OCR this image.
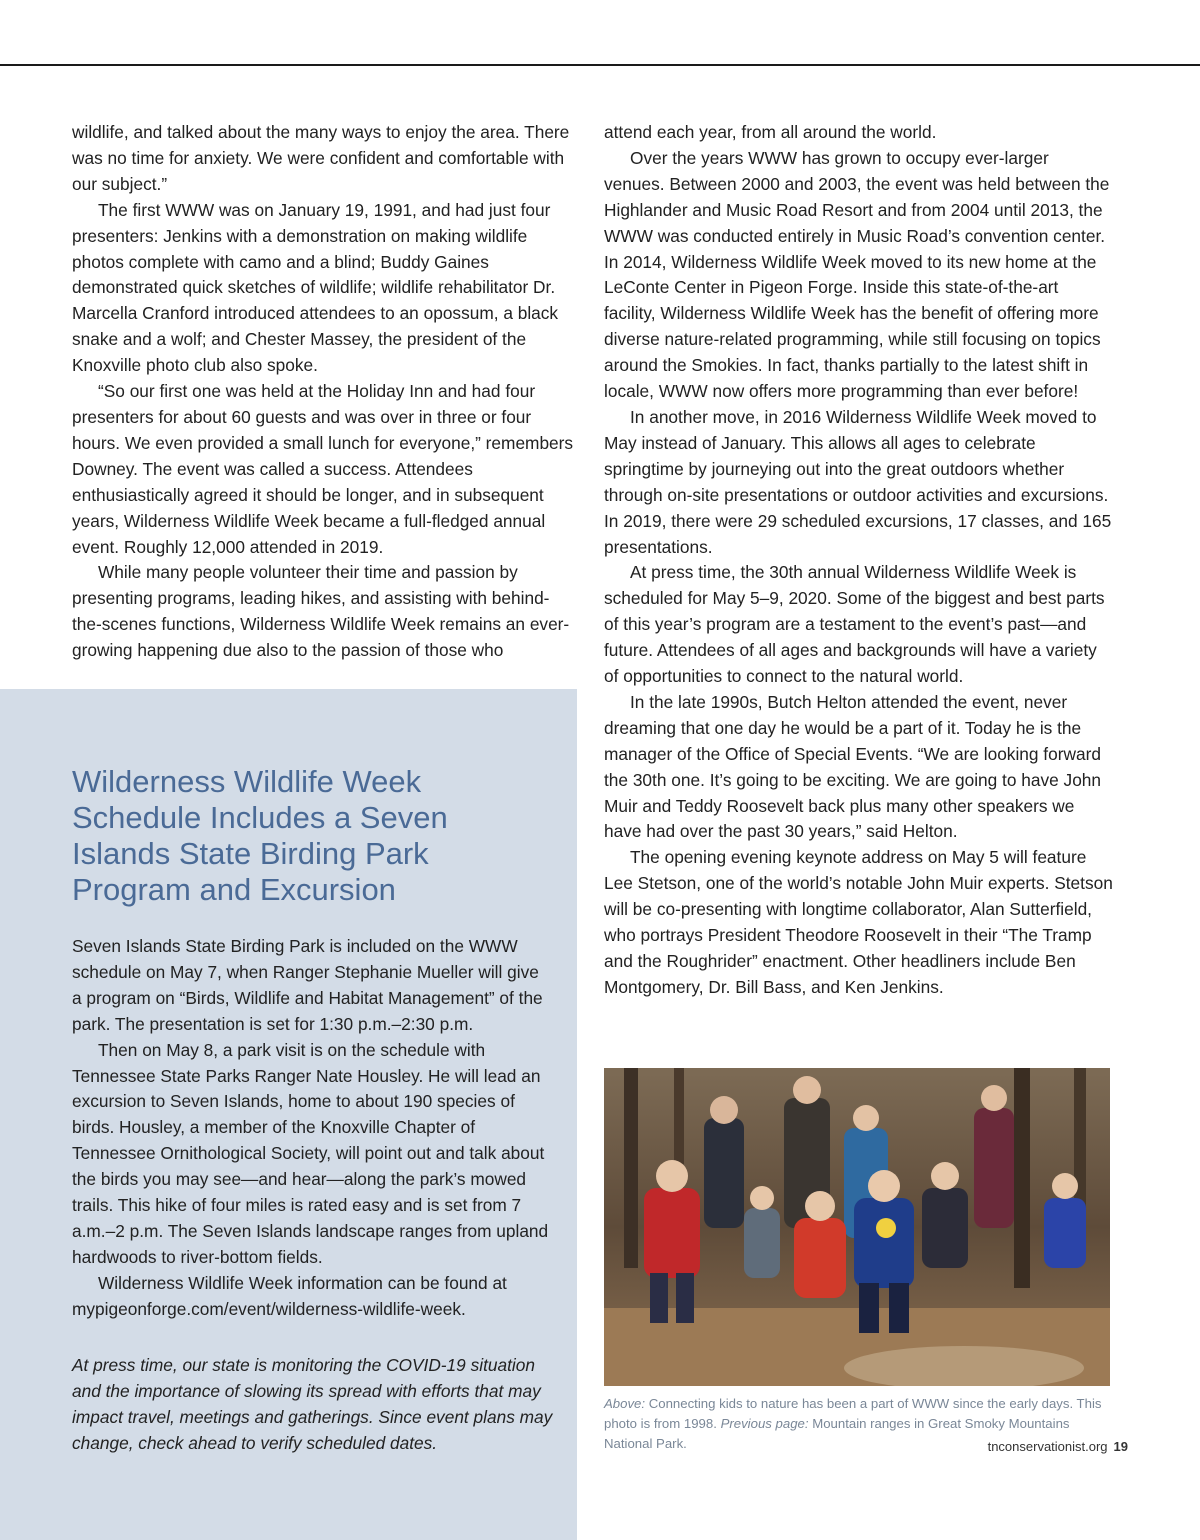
wildlife, and talked about the many ways to enjoy the area. There was no time for anxiety. We were confident and comfortable with our subject.”

The first WWW was on January 19, 1991, and had just four presenters: Jenkins with a demonstration on making wildlife photos complete with camo and a blind; Buddy Gaines demonstrated quick sketches of wildlife; wildlife rehabilitator Dr. Marcella Cranford introduced attendees to an opossum, a black snake and a wolf; and Chester Massey, the president of the Knoxville photo club also spoke.

“So our first one was held at the Holiday Inn and had four presenters for about 60 guests and was over in three or four hours. We even provided a small lunch for everyone,” remembers Downey. The event was called a success. Attendees enthusiastically agreed it should be longer, and in subsequent years, Wilderness Wildlife Week became a full-fledged annual event. Roughly 12,000 attended in 2019.

While many people volunteer their time and passion by presenting programs, leading hikes, and assisting with behind-the-scenes functions, Wilderness Wildlife Week remains an ever-growing happening due also to the passion of those who

attend each year, from all around the world.

Over the years WWW has grown to occupy ever-larger venues. Between 2000 and 2003, the event was held between the Highlander and Music Road Resort and from 2004 until 2013, the WWW was conducted entirely in Music Road’s convention center. In 2014, Wilderness Wildlife Week moved to its new home at the LeConte Center in Pigeon Forge. Inside this state-of-the-art facility, Wilderness Wildlife Week has the benefit of offering more diverse nature-related programming, while still focusing on topics around the Smokies. In fact, thanks partially to the latest shift in locale, WWW now offers more programming than ever before!

In another move, in 2016 Wilderness Wildlife Week moved to May instead of January. This allows all ages to celebrate springtime by journeying out into the great outdoors whether through on-site presentations or outdoor activities and excursions. In 2019, there were 29 scheduled excursions, 17 classes, and 165 presentations.

At press time, the 30th annual Wilderness Wildlife Week is scheduled for May 5–9, 2020. Some of the biggest and best parts of this year’s program are a testament to the event’s past—and future. Attendees of all ages and backgrounds will have a variety of opportunities to connect to the natural world.

In the late 1990s, Butch Helton attended the event, never dreaming that one day he would be a part of it. Today he is the manager of the Office of Special Events. “We are looking forward the 30th one. It’s going to be exciting. We are going to have John Muir and Teddy Roosevelt back plus many other speakers we have had over the past 30 years,” said Helton.

The opening evening keynote address on May 5 will feature Lee Stetson, one of the world’s notable John Muir experts. Stetson will be co-presenting with longtime collaborator, Alan Sutterfield, who portrays President Theodore Roosevelt in their “The Tramp and the Roughrider” enactment. Other headliners include Ben Montgomery, Dr. Bill Bass, and Ken Jenkins.

Wilderness Wildlife Week Schedule Includes a Seven Islands State Birding Park Program and Excursion

Seven Islands State Birding Park is included on the WWW schedule on May 7, when Ranger Stephanie Mueller will give a program on “Birds, Wildlife and Habitat Management” of the park. The presentation is set for 1:30 p.m.–2:30 p.m.

Then on May 8, a park visit is on the schedule with Tennessee State Parks Ranger Nate Housley. He will lead an excursion to Seven Islands, home to about 190 species of birds. Housley, a member of the Knoxville Chapter of Tennessee Ornithological Society, will point out and talk about the birds you may see—and hear—along the park’s mowed trails. This hike of four miles is rated easy and is set from 7 a.m.–2 p.m. The Seven Islands landscape ranges from upland hardwoods to river-bottom fields.

Wilderness Wildlife Week information can be found at mypigeonforge.com/event/wilderness-wildlife-week.

At press time, our state is monitoring the COVID-19 situation and the importance of slowing its spread with efforts that may impact travel, meetings and gatherings. Since event plans may change, check ahead to verify scheduled dates.

Above: Connecting kids to nature has been a part of WWW since the early days. This photo is from 1998. Previous page: Mountain ranges in Great Smoky Mountains National Park.	tnconservationist.org 19
